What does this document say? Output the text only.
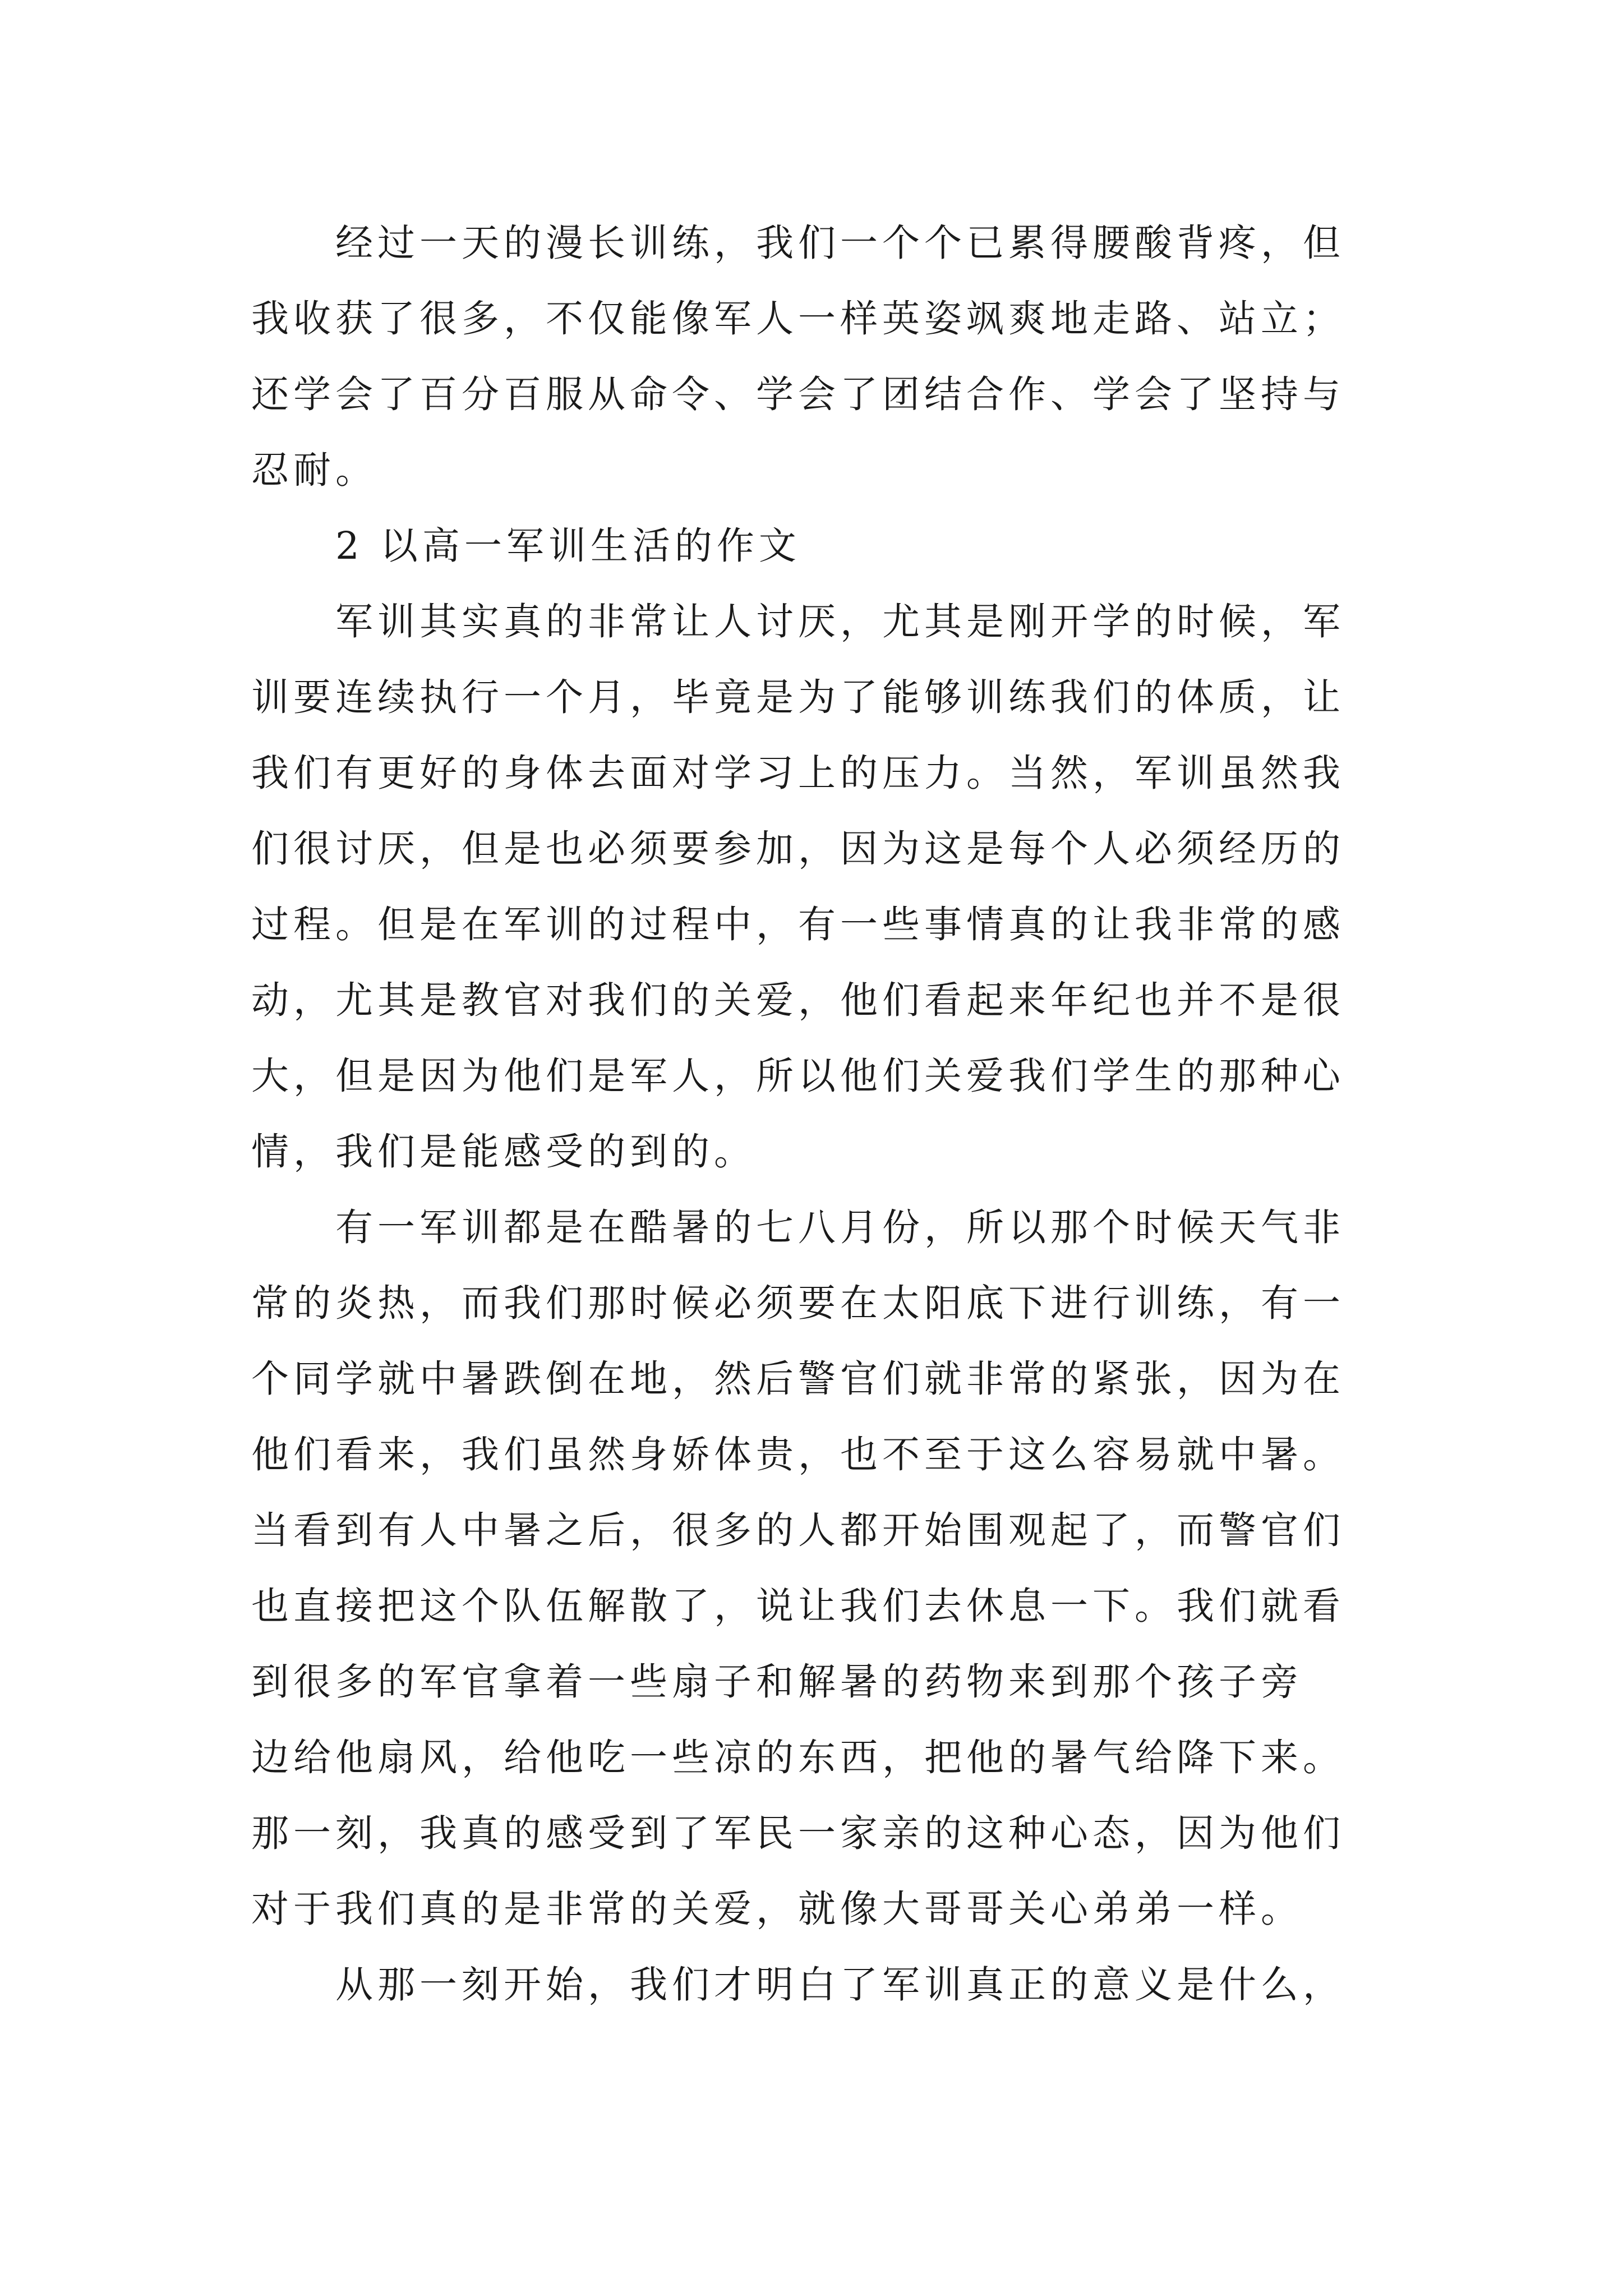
经过一天的漫长训练，我们一个个已累得腰酸背疼，但
我收获了很多，不仅能像军人一样英姿飒爽地走路、站立；
还学会了百分百服从命令、学会了团结合作、学会了坚持与
忍耐。
2 以高一军训生活的作文
军训其实真的非常让人讨厌，尤其是刚开学的时候，军
训要连续执行一个月，毕竟是为了能够训练我们的体质，让
我们有更好的身体去面对学习上的压力。当然，军训虽然我
们很讨厌，但是也必须要参加，因为这是每个人必须经历的
过程。但是在军训的过程中，有一些事情真的让我非常的感
动，尤其是教官对我们的关爱，他们看起来年纪也并不是很
大，但是因为他们是军人，所以他们关爱我们学生的那种心
情，我们是能感受的到的。
有一军训都是在酷暑的七八月份，所以那个时候天气非
常的炎热，而我们那时候必须要在太阳底下进行训练，有一
个同学就中暑跌倒在地，然后警官们就非常的紧张，因为在
他们看来，我们虽然身娇体贵，也不至于这么容易就中暑。
当看到有人中暑之后，很多的人都开始围观起了，而警官们
也直接把这个队伍解散了，说让我们去休息一下。我们就看
到很多的军官拿着一些扇子和解暑的药物来到那个孩子旁
边给他扇风，给他吃一些凉的东西，把他的暑气给降下来。
那一刻，我真的感受到了军民一家亲的这种心态，因为他们
对于我们真的是非常的关爱，就像大哥哥关心弟弟一样。
从那一刻开始，我们才明白了军训真正的意义是什么，
